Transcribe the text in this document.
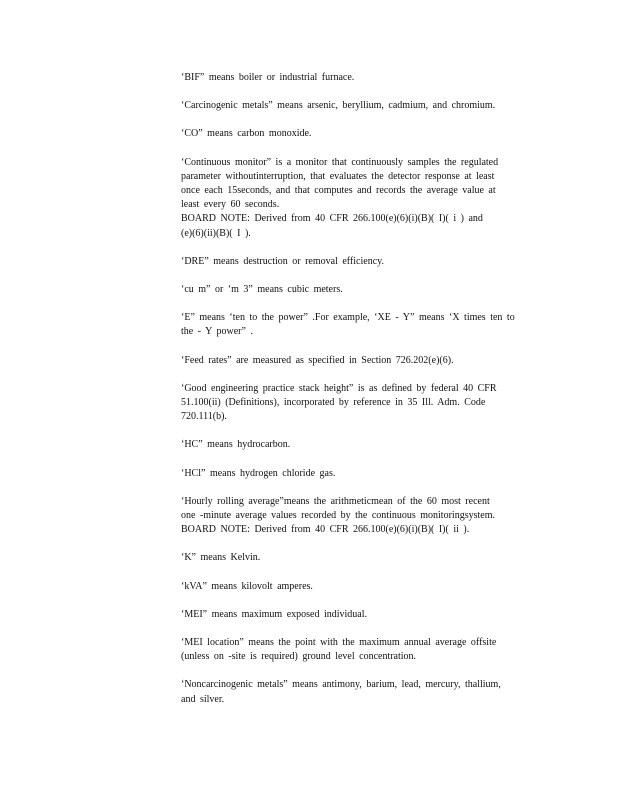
‘BIF” means boiler or industrial furnace.

‘Carcinogenic metals” means arsenic, beryllium, cadmium, and chromium.

‘CO” means carbon monoxide.

‘Continuous monitor” is a monitor that continuously samples the regulated
parameter withoutinterruption, that evaluates the detector response at least
once each 15seconds, and that computes and records the average value at
least every 60 seconds.
BOARD NOTE: Derived from 40 CFR 266.100(e)(6)(i)(B)( I)( i ) and
(e)(6)(ii)(B)( I ).

‘DRE” means destruction or removal efficiency.

‘cu m” or ‘m 3” means cubic meters.

‘E” means ‘ten to the power” .For example, ‘XE - Y” means ‘X times ten to
the - Y power” .

‘Feed rates” are measured as specified in Section 726.202(e)(6).

‘Good engineering practice stack height” is as defined by federal 40 CFR
51.100(ii) (Definitions), incorporated by reference in 35 Ill. Adm. Code
720.111(b).

‘HC” means hydrocarbon.

‘HCl” means hydrogen chloride gas.

‘Hourly rolling average”means the arithmeticmean of the 60 most recent
one -minute average values recorded by the continuous monitoringsystem.
BOARD NOTE: Derived from 40 CFR 266.100(e)(6)(i)(B)( I)( ii ).

‘K” means Kelvin.

‘kVA” means kilovolt amperes.

‘MEI” means maximum exposed individual.

‘MEI location” means the point with the maximum annual average offsite
(unless on -site is required) ground level concentration.

‘Noncarcinogenic metals” means antimony, barium, lead, mercury, thallium,
and silver.
